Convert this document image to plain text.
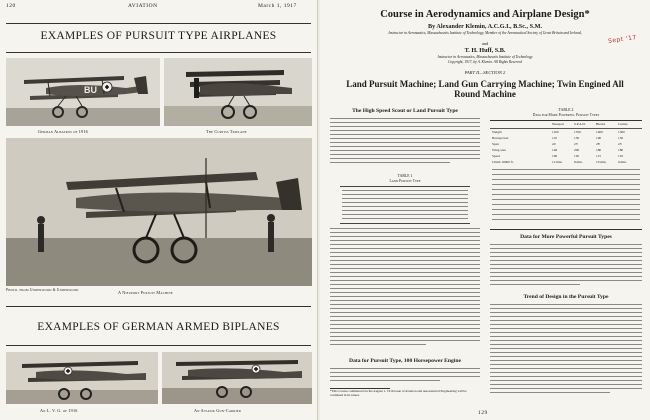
120	AVIATION	March 1, 1917
EXAMPLES OF PURSUIT TYPE AIRPLANES
BU
German Albatros of 1916	The Curtiss Triplane
Photo. from Underwood & Underwood	A Nieuport Pursuit Machine
EXAMPLES OF GERMAN ARMED BIPLANES
An L. V. G. of 1916	An Aviatik Gun-Carrier
Course in Aerodynamics and Airplane Design*
By Alexander Klemin, A.C.G.I., B.Sc., S.M.
Instructor in Aeronautics, Massachusetts Institute of Technology, Member of the Aeronautical Society of Great Britain and Ireland,
and
T. H. Huff, S.B.
Instructor in Aeronautics, Massachusetts Institute of Technology
Copyright, 1917, by A. Klemin. All Rights Reserved
PART II—SECTION 2
Land Pursuit Machine; Land Gun Carrying Machine; Twin Engined All Round Machine
Sept '17
The High Speed Scout or Land Pursuit Type
TABLE 1
Land Pursuit Type
Data for Pursuit Type, 100 Horsepower Engine
*This Course commenced in the August 1, 1916 issue of Aviation and Aeronautical Engineering will be continued in its issues.
TABLE 2
Data for More Powerful Pursuit Types
Nieuport	S.P.A.D.	Bleriot	Curtiss
Weight	1100	1550	1400	1300
Horsepower	110	150	100	150
Span	24'	25'	28'	25'
Wing area	146	200	180	180
Speed	106	120	115	125
Climb 10000 ft.	12 min.	8 min.	10 min.	9 min.
Data for More Powerful Pursuit Types
Trend of Design in the Pursuit Type
129
